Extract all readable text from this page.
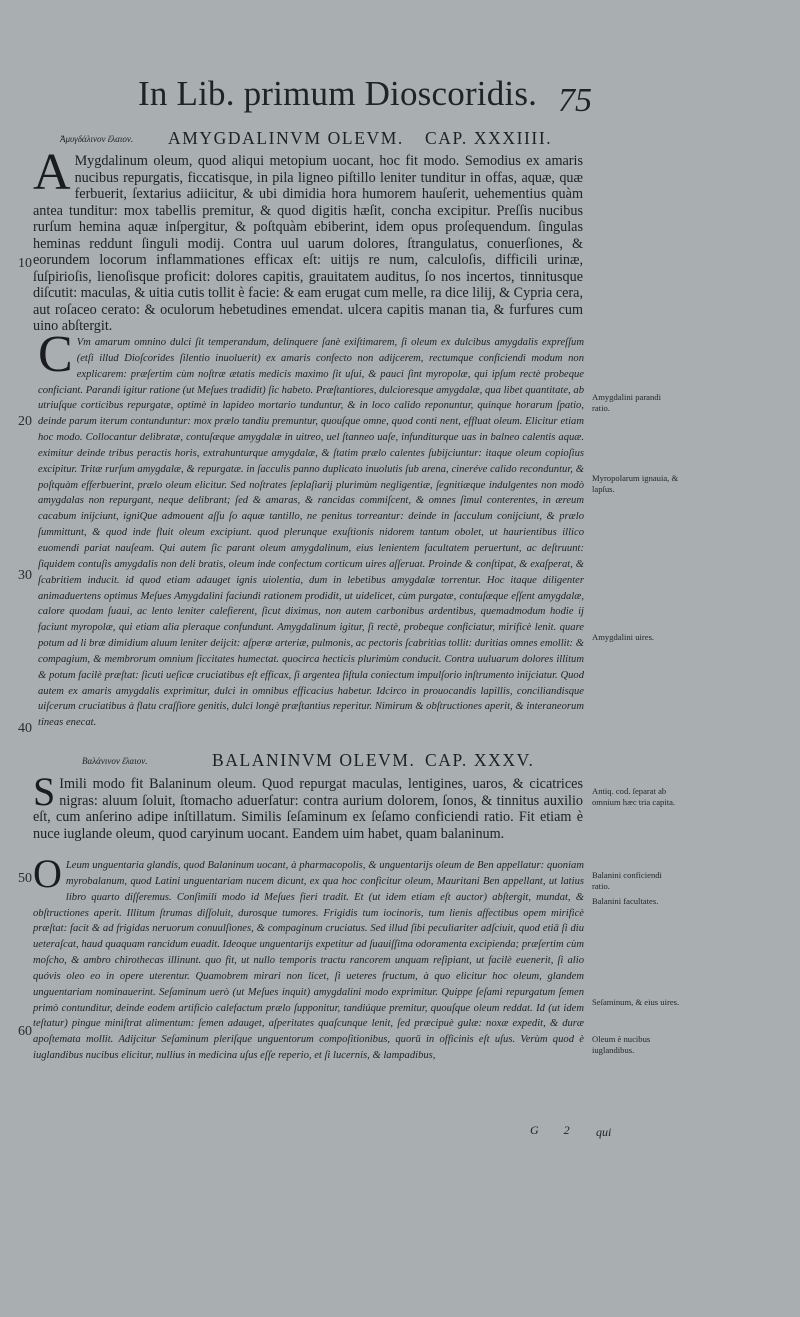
In Lib. primum Dioscoridis. 75
Ἀμυγδάλινον ἔλαιον. AMYGDALINVM OLEVM. CAP. XXXIIII.

A Mygdalinum oleum, quod aliqui metopium uocant, hoc fit modo. Semodius ex amaris nucibus repurgatis, ficcatisque, in pila ligneo piſtillo leniter tunditur in offas, aquæ, quæ ferbuerit, ſextarius adiicitur, & ubi dimidia hora humorem hauſerit, uehementius quàm antea tunditur: mox tabellis premitur, & quod digitis hæſit, concha excipitur. Preſſis nucibus rurſum hemina aquæ inſpergitur, & poſtquàm ebiberint, idem opus proſequendum. ſingulas heminas reddunt ſinguli modij. Contra uul uarum dolores, ſtrangulatus, conuerſiones, & eorundem locorum inflammationes efficax eſt: uitijs re num, calculoſis, difficili urinæ, ſuſpirioſis, lienoſisque proficit: dolores capitis, grauitatem auditus, ſo nos incertos, tinnitusque diſcutit: maculas, & uitia cutis tollit è facie: & eam erugat cum melle, ra dice lilij, & Cypria cera, aut roſaceo cerato: & oculorum hebetudines emendat. ulcera capitis manan tia, & furfures cum uino abſtergit.

C Vm amarum omnino dulci ſit temperandum, delinquere ſanè exiſtimarem, ſi oleum ex dulcibus amygdalis expreſſum (etſi illud Dioſcorides ſilentio inuoluerit) ex amaris confecto non adijcerem, rectumque conficiendi modum non explicarem: præſertim cùm noſtræ ætatis medicis maximo ſit uſui, & pauci ſint myropolæ, qui ipſum rectè probeque conficiant. Parandi igitur ratione (ut Meſues tradidit) ſic habeto. Præſtantiores, dulcioresque amygdalæ, qua libet quantitate, ab utriuſque corticibus repurgatæ, optimè in lapideo mortario tunduntur, & in loco calido reponuntur, quinque horarum ſpatio, deinde parum iterum contunduntur: mox prælo tandiu premuntur, quouſque omne, quod conti nent, effluat oleum. Elicitur etiam hoc modo. Collocantur delibratæ, contuſæque amygdalæ in uitreo, uel ſtanneo uaſe, infunditurque uas in balneo calentis aquæ. eximitur deinde tribus peractis horis, extrahunturque amygdalæ, & ſtatim prælo calentes ſubijciuntur: itaque oleum copioſius excipitur. Tritæ rurſum amygdalæ, & repurgatæ. in ſacculis panno duplicato inuolutis ſub arena, cineréve calido reconduntur, & poſtquàm efferbuerint, prælo oleum elicitur. Sed noſtrates ſeplaſiarij plurimùm negligentiæ, ſegnitiæque indulgentes non modò amygdalas non repurgant, neque delibrant; ſed & amaras, & rancidas commiſcent, & omnes ſimul conterentes, in æreum cacabum inijciunt, igniQue admouent aſſu ſo aquæ tantillo, ne penitus torreantur: deinde in ſacculum conijciunt, & prælo ſummittunt, & quod inde fluit oleum excipiunt. quod plerunque exuſtionis nidorem tantum obolet, ut haurientibus illico euomendi pariat nauſeam. Qui autem ſic parant oleum amygdalinum, eius lenientem facultatem peruertunt, ac deſtruunt: ſiquidem contuſis amygdalis non deli bratis, oleum inde confectum corticum uires aſſeruat. Proinde & conſtipat, & exaſperat, & ſcabritiem inducit. id quod etiam adauget ignis uiolentia, dum in lebetibus amygdalæ torrentur. Hoc itaque diligenter animaduertens optimus Meſues Amygdalini faciundi rationem prodidit, ut uidelicet, cùm purgatæ, contuſæque eſſent amygdalæ, calore quodam ſuaui, ac lento leniter calefierent, ſicut diximus, non autem carbonibus ardentibus, quemadmodum hodie ij faciunt myropolæ, qui etiam alia pleraque confundunt. Amygdalinum igitur, ſi rectè, probeque conficiatur, mirificè lenit. quare potum ad li bræ dimidium aluum leniter deijcit: aſperæ arteriæ, pulmonis, ac pectoris ſcabritias tollit: duritias omnes emollit: & compagium, & membrorum omnium ſiccitates humectat. quocirca hecticis plurimùm conducit. Contra uuluarum dolores illitum & potum facilè præſtat: ſicuti ueſicæ cruciatibus eſt efficax, ſi argentea fiſtula coniectum impulſorio inſtrumento inijciatur. Quod autem ex amaris amygdalis exprimitur, dulci in omnibus efficacius habetur. Idcirco in prouocandis lapillis, conciliandisque uiſcerum cruciatibus à flatu craſſiore genitis, dulci longè præſtantius reperitur. Nimirum & obſtructiones aperit, & interaneorum tineas enecat.

Βαλάνινον ἔλαιον.	BALANINVM OLEVM. CAP. XXXV.

S Imili modo fit Balaninum oleum. Quod repurgat maculas, lentigines, uaros, & cicatrices nigras: aluum ſoluit, ſtomacho aduerſatur: contra aurium dolorem, ſonos, & tinnitus auxilio eſt, cum anſerino adipe inſtillatum. Similis ſeſaminum ex ſeſamo conficiendi ratio. Fit etiam è nuce iuglande oleum, quod caryinum uocant. Eandem uim habet, quam balaninum.

O Leum unguentaria glandis, quod Balaninum uocant, à pharmacopolis, & unguentarijs oleum de Ben appellatur: quoniam myrobalanum, quod Latini unguentariam nucem dicunt, ex qua hoc conficitur oleum, Mauritani Ben appellant, ut latius libro quarto diſſeremus. Conſimili modo id Meſues fieri tradit. Et (ut idem etiam eſt auctor) abſtergit, mundat, & obſtructiones aperit. Illitum ſtrumas diſſoluit, durosque tumores. Frigidis tum iocinoris, tum lienis affectibus opem mirificè præſtat: facit & ad frigidas neruorum conuulſiones, & compaginum cruciatus. Sed illud ſibi peculiariter adſciuit, quod etiā ſi diu ueteraſcat, haud quaquam rancidum euadit. Ideoque unguentarijs expetitur ad ſuauiſſima odoramenta excipienda; præſertim cùm moſcho, & ambro chirothecas illinunt. quo fit, ut nullo temporis tractu rancorem unquam reſipiant, ut facilè euenerit, ſi alio quóvis oleo eo in opere uterentur. Quamobrem mirari non licet, ſi ueteres fructum, à quo elicitur hoc oleum, glandem unguentariam nominauerint. Seſaminum uerò (ut Meſues inquit) amygdalini modo exprimitur. Quippe ſeſami repurgatum ſemen primò contunditur, deinde eodem artificio calefactum prælo ſupponitur, tandiúque premitur, quouſque oleum reddat. Id (ut idem teſtatur) pingue miniſtrat alimentum: ſemen adauget, aſperitates quaſcunque lenit, ſed præcipuè gulæ: noxæ expedit, & duræ apoſtemata mollit. Adijcitur Seſaminum pleriſque unguentorum compoſitionibus, quorū in officinis eſt uſus. Verùm quod è iuglandibus nucibus elicitur, nullius in medicina uſus eſſe reperio, et ſi lucernis, & lampadibus,

10
20
30
40
50
60
Amygdalini parandi ratio.
Myropolarum ignauia, & lapſus.
Amygdalini uires.
Antiq. cod. ſeparat ab omnium hæc tria capita.
Balanini conficiendi ratio.
Balanini facultates.
Seſaminum, & eius uires.
Oleum è nucibus iuglandibus.
G 2 qui
